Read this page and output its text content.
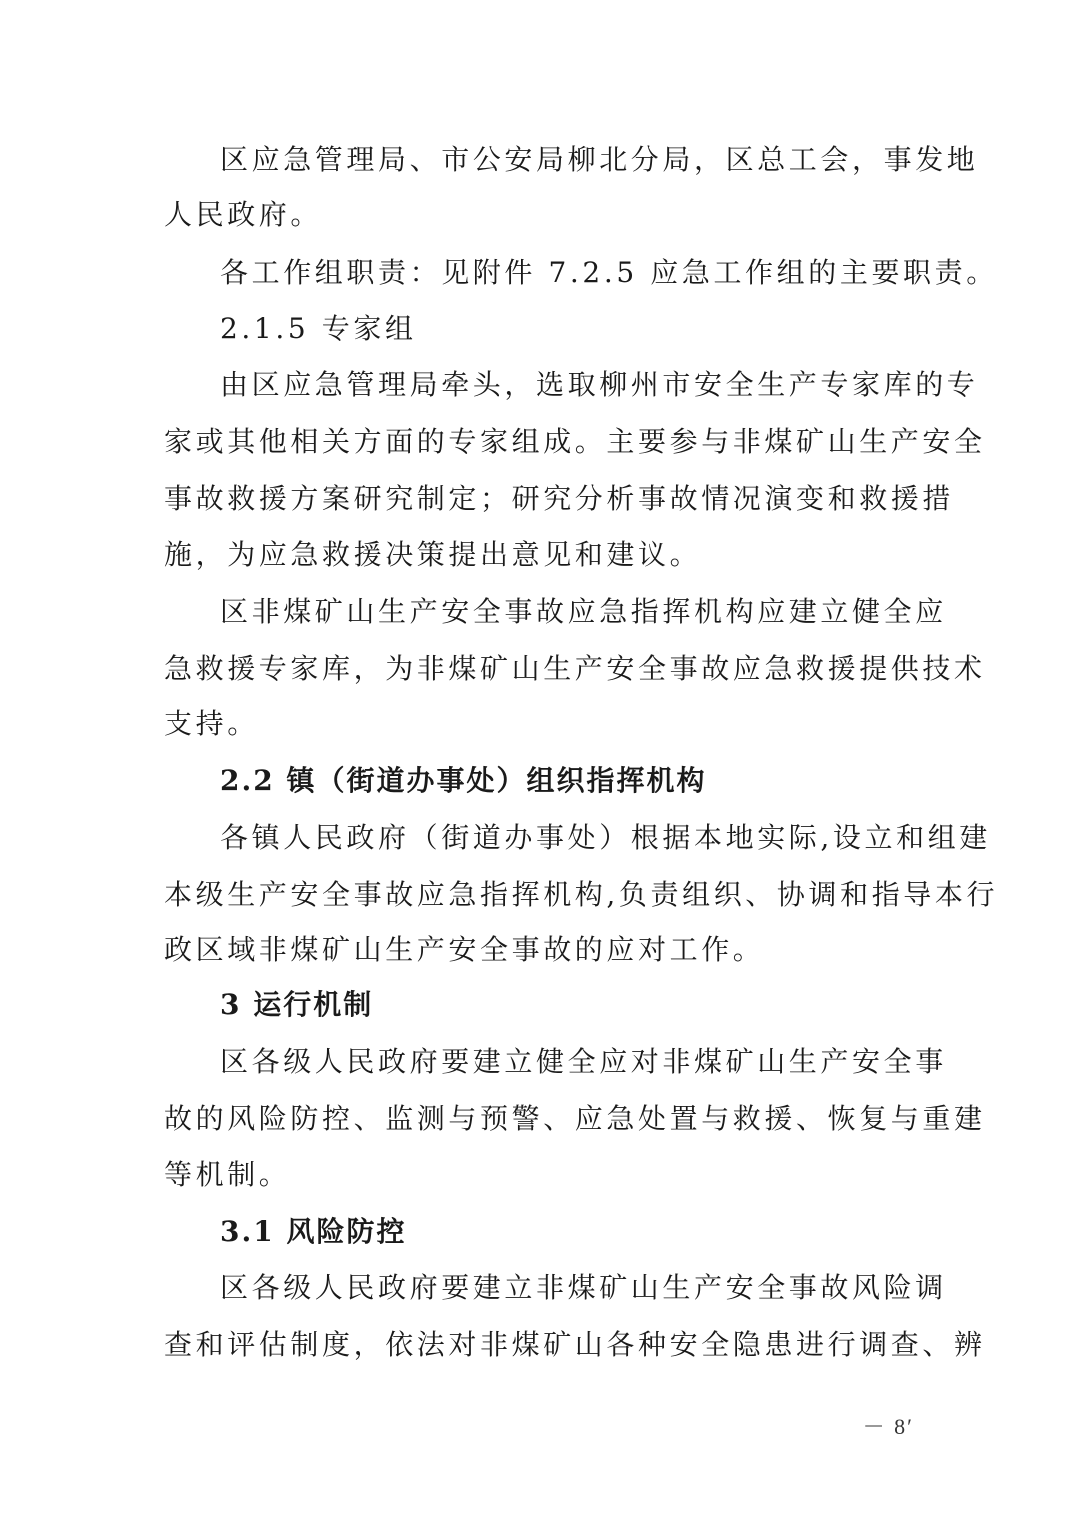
区应急管理局、市公安局柳北分局，区总工会，事发地
人民政府。
各工作组职责：见附件 7.2.5 应急工作组的主要职责。
2.1.5 专家组
由区应急管理局牵头，选取柳州市安全生产专家库的专
家或其他相关方面的专家组成。主要参与非煤矿山生产安全
事故救援方案研究制定；研究分析事故情况演变和救援措
施，为应急救援决策提出意见和建议。
区非煤矿山生产安全事故应急指挥机构应建立健全应
急救援专家库，为非煤矿山生产安全事故应急救援提供技术
支持。
2.2 镇（街道办事处）组织指挥机构
各镇人民政府（街道办事处）根据本地实际,设立和组建
本级生产安全事故应急指挥机构,负责组织、协调和指导本行
政区域非煤矿山生产安全事故的应对工作。
3 运行机制
区各级人民政府要建立健全应对非煤矿山生产安全事
故的风险防控、监测与预警、应急处置与救援、恢复与重建
等机制。
3.1 风险防控
区各级人民政府要建立非煤矿山生产安全事故风险调
查和评估制度，依法对非煤矿山各种安全隐患进行调查、辨
－ 8′
